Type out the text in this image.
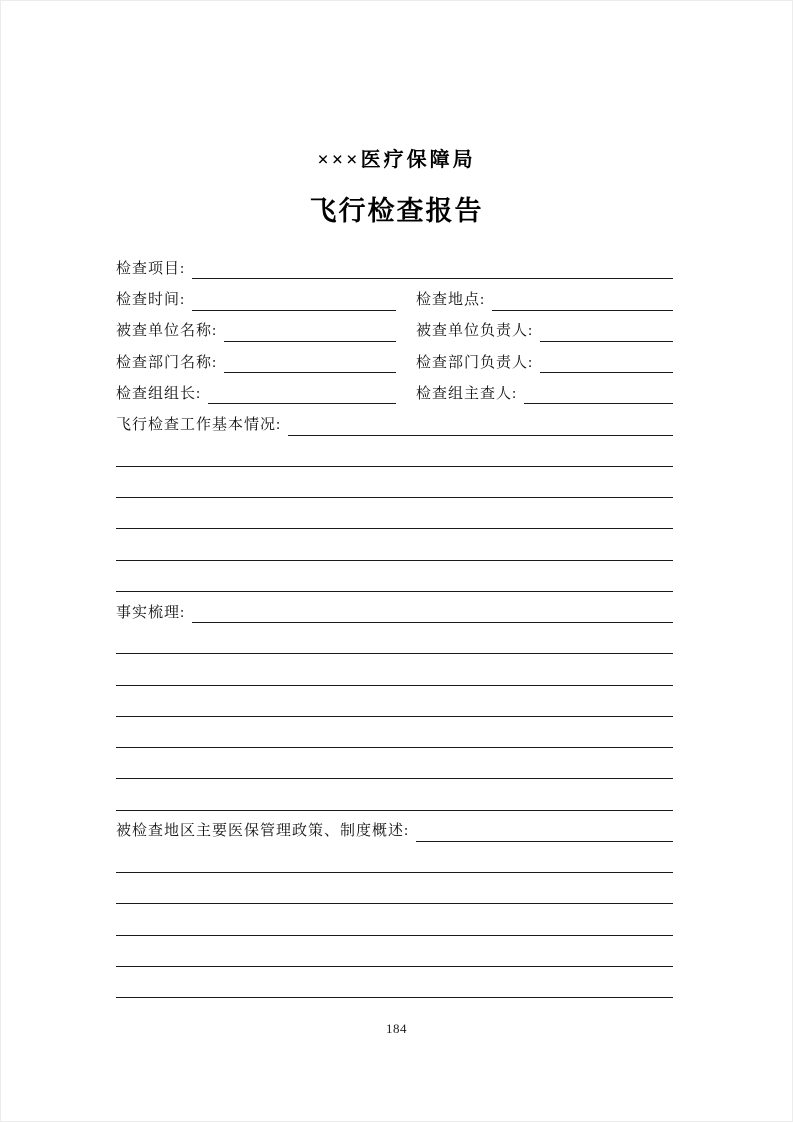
×××医疗保障局
飞行检查报告
检查项目:
检查时间:	检查地点:
被查单位名称:	被查单位负责人:
检查部门名称:	检查部门负责人:
检查组组长:	检查组主查人:
飞行检查工作基本情况:
事实梳理:
被检查地区主要医保管理政策、制度概述:
184
